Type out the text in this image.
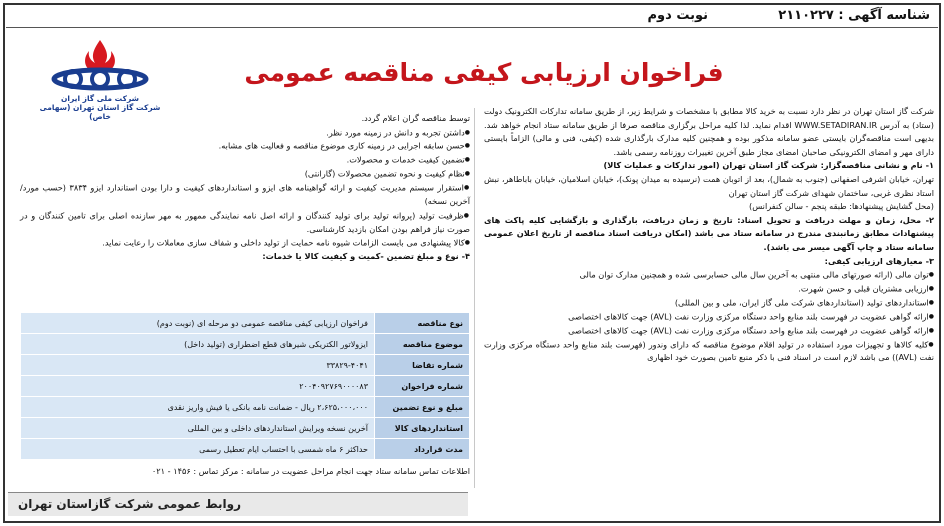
شناسه آگهی : ۲۱۱۰۲۲۷
نوبت دوم
فراخوان ارزیابی کیفی مناقصه عمومی
شرکت ملی گاز ایران
شرکت گاز استان تهران (سهامی خاص)
شرکت گاز استان تهران در نظر دارد نسبت به خرید کالا مطابق با مشخصات و شرایط زیر، از طریق سامانه تدارکات الکترونیک دولت (ستاد) به آدرس WWW.SETADIRAN.IR اقدام نماید. لذا کلیه مراحل برگزاری مناقصه صرفا از طریق سامانه ستاد انجام خواهد شد. بدیهی است مناقصه‌گران بایستی عضو سامانه مذکور بوده و همچنین کلیه مدارک بارگذاری شده (کیفی، فنی و مالی) الزاماً بایستی دارای مهر و امضای الکترونیکی صاحبان امضای مجاز طبق آخرین تغییرات روزنامه رسمی باشد.
۱- نام و نشانی مناقصه‌گزار: شرکت گاز استان تهران (امور تدارکات و عملیات کالا)
تهران، خیابان اشرفی اصفهانی (جنوب به شمال)، بعد از اتوبان همت (نرسیده به میدان پونک)، خیابان اسلامیان، خیابان باباطاهر، نبش استاد نظری غربی، ساختمان شهدای شرکت گاز استان تهران
(محل گشایش پیشنهادها: طبقه پنجم - سالن کنفرانس)
۲- محل، زمان و مهلت دریافت و تحویل اسناد: تاریخ و زمان دریافت، بارگذاری و بازگشایی کلیه پاکت های پیشنهادات مطابق زمانبندی مندرج در سامانه ستاد می باشد (امکان دریافت اسناد مناقصه از تاریخ اعلان عمومی سامانه ستاد و چاپ آگهی میسر می باشد).
۳- معیارهای ارزیابی کیفی:
● توان مالی (ارائه صورتهای مالی منتهی به آخرین سال مالی حسابرسی شده و همچنین مدارک توان مالی
● ارزیابی مشتریان قبلی و حسن شهرت.
● استانداردهای تولید (استانداردهای شرکت ملی گاز ایران، ملی و بین المللی)
● ارائه گواهی عضویت در فهرست بلند منابع واحد دستگاه مرکزی وزارت نفت (AVL) جهت کالاهای اختصاصی
● ارائه گواهی عضویت در فهرست بلند منابع واحد دستگاه مرکزی وزارت نفت (AVL) جهت کالاهای اختصاصی
● کلیه کالاها و تجهیزات مورد استفاده در تولید اقلام موضوع مناقصه که دارای وندور (فهرست بلند منابع واحد دستگاه مرکزی وزارت نفت (AVL)) می باشد لازم است در اسناد فنی با ذکر منبع تامین بصورت خود اظهاری
توسط مناقصه گران اعلام گردد.
● داشتن تجربه و دانش در زمینه مورد نظر.
● حسن سابقه اجرایی در زمینه کاری موضوع مناقصه و فعالیت های مشابه.
● تضمین کیفیت خدمات و محصولات.
● نظام کیفیت و نحوه تضمین محصولات (گارانتی)
● استقرار سیستم مدیریت کیفیت و ارائه گواهینامه های ایزو و استانداردهای کیفیت و دارا بودن استاندارد ایزو ۳۸۳۴ (حسب مورد/آخرین نسخه)
● ظرفیت تولید (پروانه تولید برای تولید کنندگان و ارائه اصل نامه نمایندگی ممهور به مهر سازنده اصلی برای تامین کنندگان و در صورت نیاز فراهم بودن امکان بازدید کارشناسی.
● کالا پیشنهادی می بایست الزامات شیوه نامه حمایت از تولید داخلی و شفاف سازی معاملات را رعایت نماید.
۴- نوع و مبلغ تضمین -کمیت و کیفیت کالا یا خدمات:
نوع مناقصه	فراخوان ارزیابی کیفی مناقصه عمومی دو مرحله ای (نوبت دوم)
موضوع مناقصه	ایزولاتور الکتریکی شیرهای قطع اضطراری (تولید داخل)
شماره تقاضا	۳۳۸۲۹-۴۰۴۱
شماره فراخوان	۲۰۰۴۰۹۲۷۶۹۰۰۰۰۸۳
مبلغ و نوع تضمین	۲،۶۲۵،۰۰۰،۰۰۰ ریال - ضمانت نامه بانکی یا فیش واریز نقدی
استانداردهای کالا	آخرین نسخه ویرایش استانداردهای داخلی و بین المللی
مدت قرارداد	حداکثر ۶ ماه شمسی با احتساب ایام تعطیل رسمی
اطلاعات تماس سامانه ستاد جهت انجام مراحل عضویت در سامانه : مرکز تماس : ۱۴۵۶ - ۰۲۱
روابط عمومی شرکت گازاستان تهران
